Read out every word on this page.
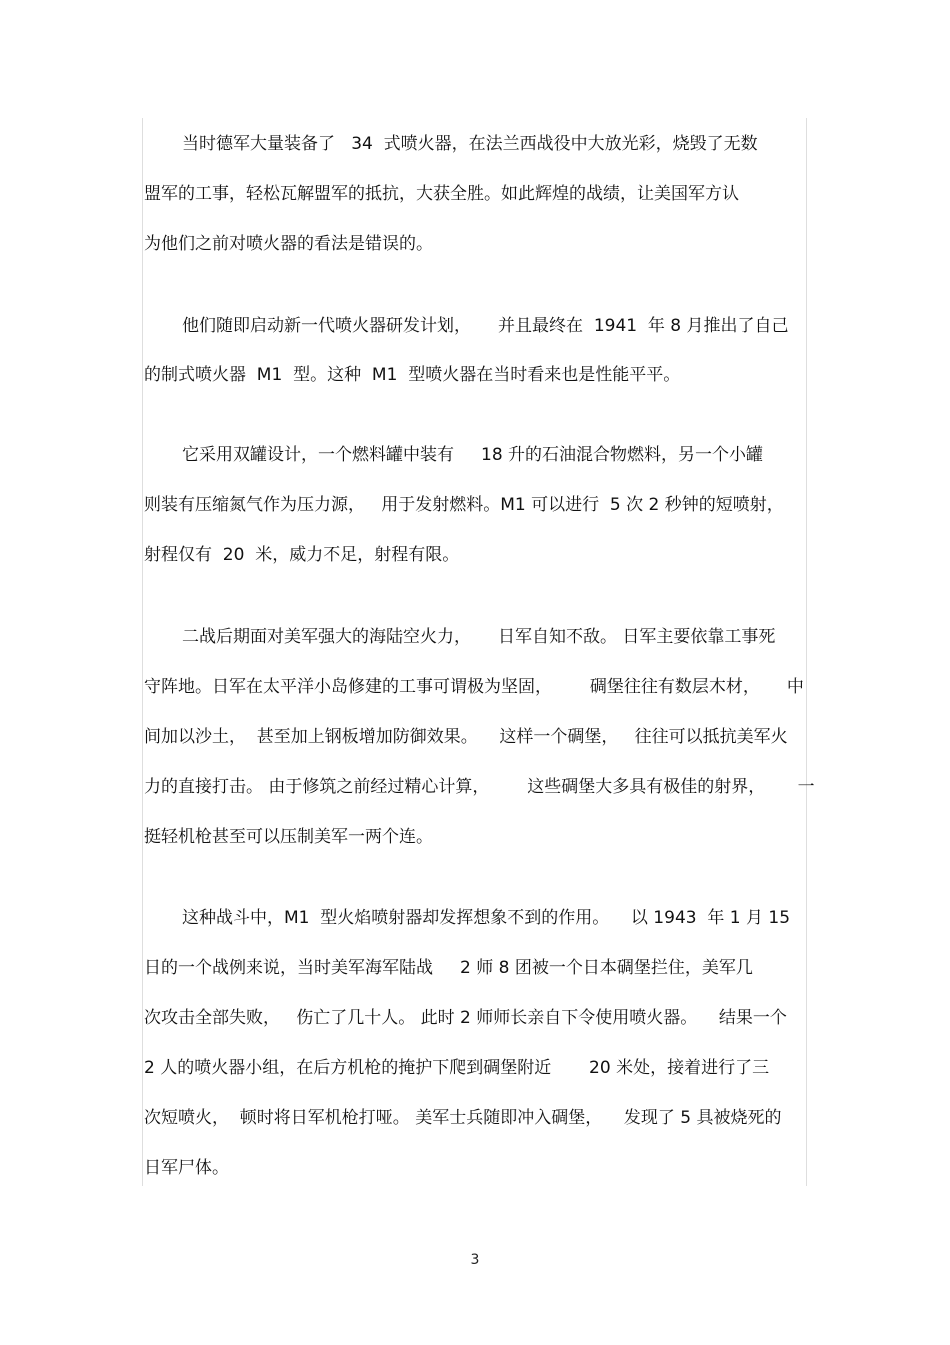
当时德军大量装备了   34  式喷火器，在法兰西战役中大放光彩，烧毁了无数

盟军的工事，轻松瓦解盟军的抵抗，大获全胜。如此辉煌的战绩，让美国军方认

为他们之前对喷火器的看法是错误的。

他们随即启动新一代喷火器研发计划，     并且最终在  1941  年 8 月推出了自己

的制式喷火器  M1  型。这种  M1  型喷火器在当时看来也是性能平平。

它采用双罐设计，一个燃料罐中装有     18 升的石油混合物燃料，另一个小罐

则装有压缩氮气作为压力源，   用于发射燃料。M1 可以进行  5 次 2 秒钟的短喷射，

射程仅有  20  米，威力不足，射程有限。

二战后期面对美军强大的海陆空火力，     日军自知不敌。 日军主要依靠工事死

守阵地。日军在太平洋小岛修建的工事可谓极为坚固，       碉堡往往有数层木材，     中

间加以沙土，  甚至加上钢板增加防御效果。    这样一个碉堡，   往往可以抵抗美军火

力的直接打击。 由于修筑之前经过精心计算，       这些碉堡大多具有极佳的射界，      一

挺轻机枪甚至可以压制美军一两个连。

这种战斗中，M1  型火焰喷射器却发挥想象不到的作用。    以 1943  年 1 月 15

日的一个战例来说，当时美军海军陆战     2 师 8 团被一个日本碉堡拦住，美军几

次攻击全部失败，   伤亡了几十人。 此时 2 师师长亲自下令使用喷火器。    结果一个

2 人的喷火器小组，在后方机枪的掩护下爬到碉堡附近       20 米处，接着进行了三

次短喷火，  顿时将日军机枪打哑。 美军士兵随即冲入碉堡，    发现了 5 具被烧死的

日军尸体。

3
